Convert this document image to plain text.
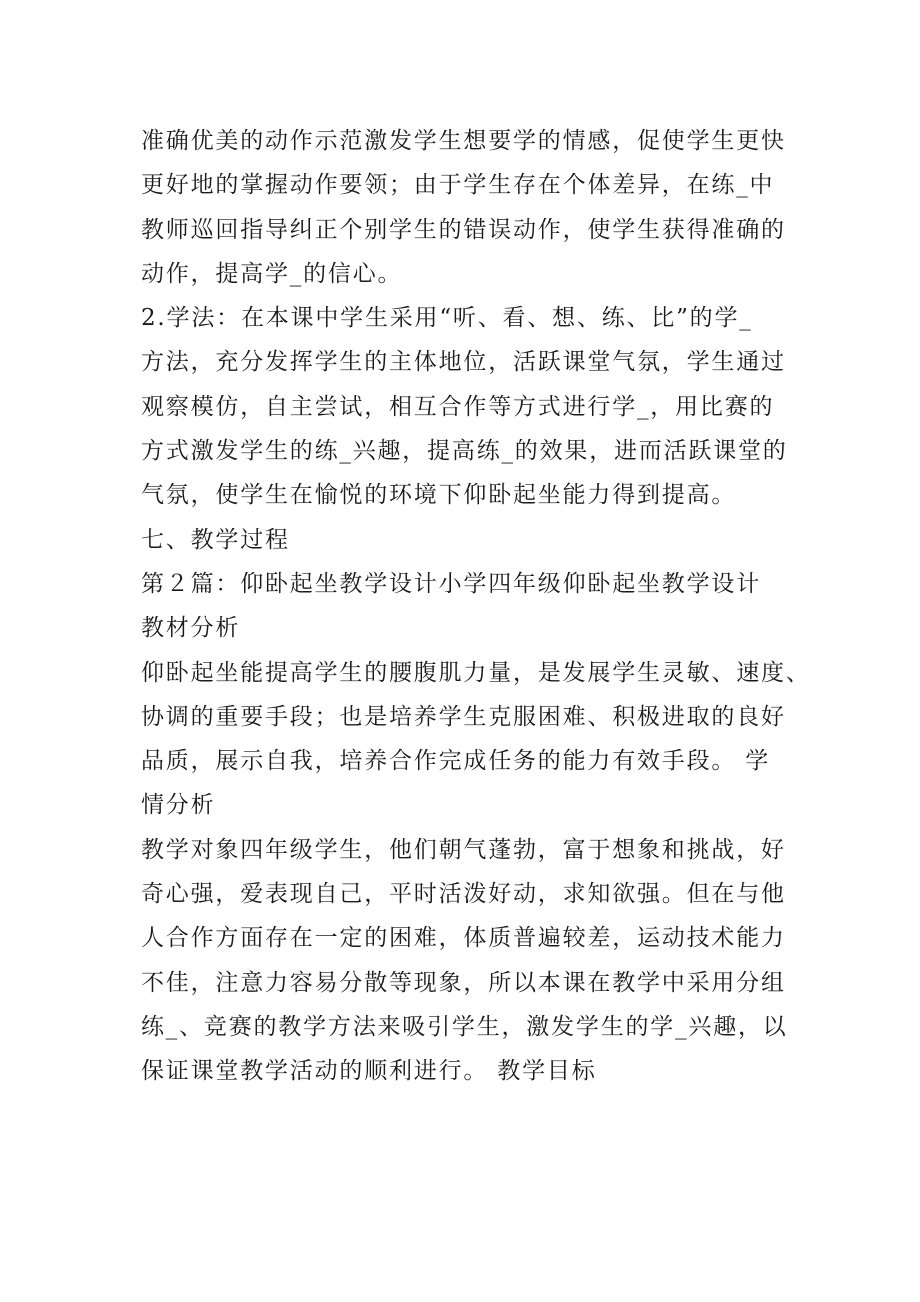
准确优美的动作示范激发学生想要学的情感，促使学生更快
更好地的掌握动作要领；由于学生存在个体差异，在练_中
教师巡回指导纠正个别学生的错误动作，使学生获得准确的
动作，提高学_的信心。
2.学法：在本课中学生采用“听、看、想、练、比”的学_
方法，充分发挥学生的主体地位，活跃课堂气氛，学生通过
观察模仿，自主尝试，相互合作等方式进行学_，用比赛的
方式激发学生的练_兴趣，提高练_的效果，进而活跃课堂的
气氛，使学生在愉悦的环境下仰卧起坐能力得到提高。
七、教学过程
第２篇：仰卧起坐教学设计小学四年级仰卧起坐教学设计
教材分析
仰卧起坐能提高学生的腰腹肌力量，是发展学生灵敏、速度、
协调的重要手段；也是培养学生克服困难、积极进取的良好
品质，展示自我，培养合作完成任务的能力有效手段。 学
情分析
教学对象四年级学生，他们朝气蓬勃，富于想象和挑战，好
奇心强，爱表现自己，平时活泼好动，求知欲强。但在与他
人合作方面存在一定的困难，体质普遍较差，运动技术能力
不佳，注意力容易分散等现象，所以本课在教学中采用分组
练_、竞赛的教学方法来吸引学生，激发学生的学_兴趣，以
保证课堂教学活动的顺利进行。 教学目标
